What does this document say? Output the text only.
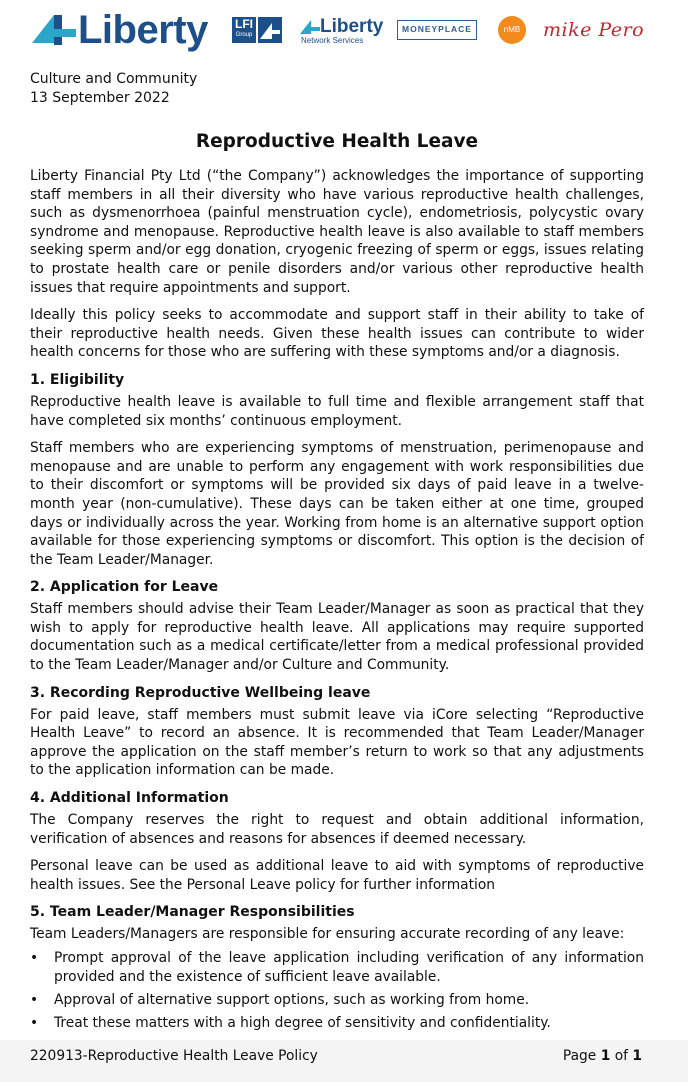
Liberty LFI
Group	Liberty
Network Services
MONEYPLACE	nMB	mike Pero
Culture and Community
13 September 2022
Reproductive Health Leave

Liberty Financial Pty Ltd (“the Company”) acknowledges the importance of supporting staff members in all their diversity who have various reproductive health challenges, such as dysmenorrhoea (painful menstruation cycle), endometriosis, polycystic ovary syndrome and menopause. Reproductive health leave is also available to staff members seeking sperm and/or egg donation, cryogenic freezing of sperm or eggs, issues relating to prostate health care or penile disorders and/or various other reproductive health issues that require appointments and support.

Ideally this policy seeks to accommodate and support staff in their ability to take of their reproductive health needs. Given these health issues can contribute to wider health concerns for those who are suffering with these symptoms and/or a diagnosis.

1. Eligibility

Reproductive health leave is available to full time and flexible arrangement staff that have completed six months’ continuous employment.

Staff members who are experiencing symptoms of menstruation, perimenopause and menopause and are unable to perform any engagement with work responsibilities due to their discomfort or symptoms will be provided six days of paid leave in a twelve-month year (non-cumulative). These days can be taken either at one time, grouped days or individually across the year. Working from home is an alternative support option available for those experiencing symptoms or discomfort. This option is the decision of the Team Leader/Manager.

2. Application for Leave

Staff members should advise their Team Leader/Manager as soon as practical that they wish to apply for reproductive health leave. All applications may require supported documentation such as a medical certificate/letter from a medical professional provided to the Team Leader/Manager and/or Culture and Community.

3. Recording Reproductive Wellbeing leave

For paid leave, staff members must submit leave via iCore selecting “Reproductive Health Leave” to record an absence. It is recommended that Team Leader/Manager approve the application on the staff member’s return to work so that any adjustments to the application information can be made.

4. Additional Information

The Company reserves the right to request and obtain additional information, verification of absences and reasons for absences if deemed necessary.

Personal leave can be used as additional leave to aid with symptoms of reproductive health issues. See the Personal Leave policy for further information

5. Team Leader/Manager Responsibilities

Team Leaders/Managers are responsible for ensuring accurate recording of any leave:

• Prompt approval of the leave application including verification of any information provided and the existence of sufficient leave available.
• Approval of alternative support options, such as working from home.
• Treat these matters with a high degree of sensitivity and confidentiality.
220913-Reproductive Health Leave Policy	Page 1 of 1
